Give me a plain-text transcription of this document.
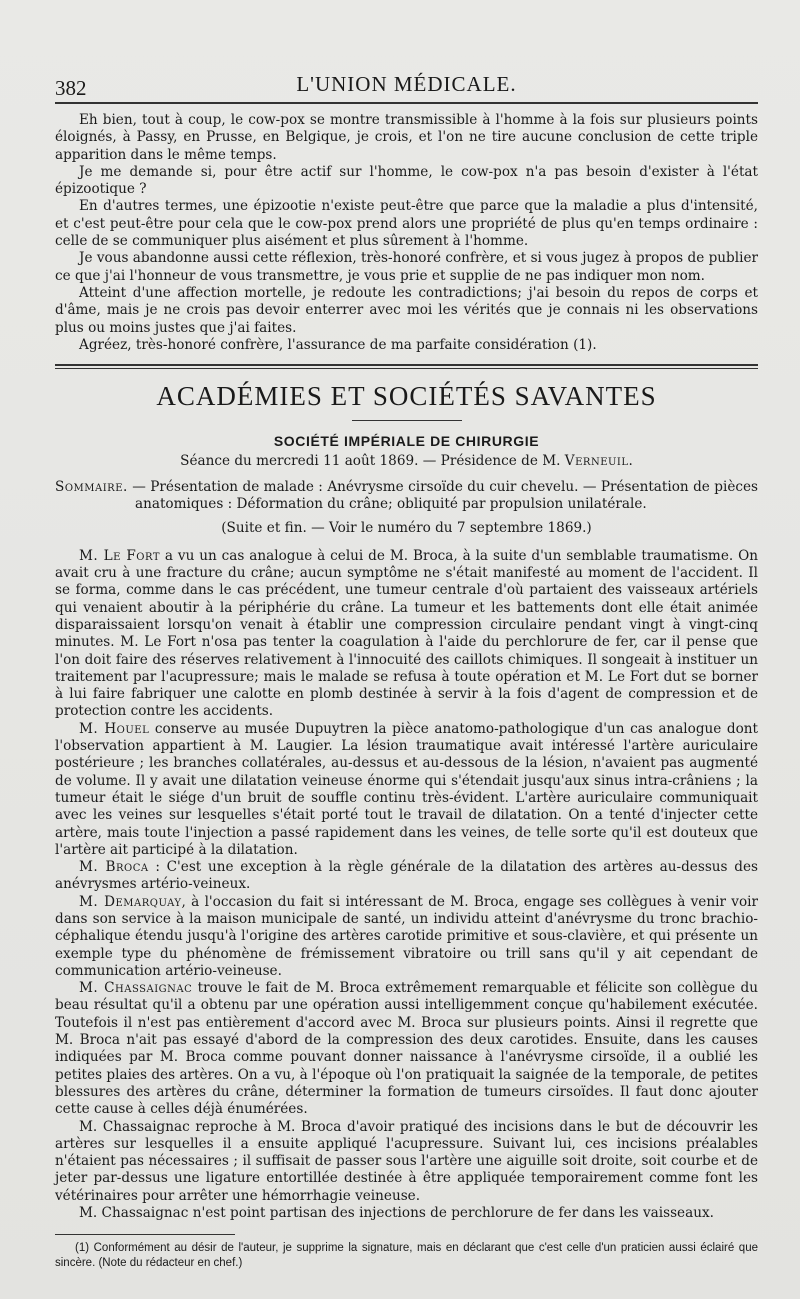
382	L'UNION MÉDICALE.

Eh bien, tout à coup, le cow-pox se montre transmissible à l'homme à la fois sur plusieurs points éloignés, à Passy, en Prusse, en Belgique, je crois, et l'on ne tire aucune conclusion de cette triple apparition dans le même temps.

Je me demande si, pour être actif sur l'homme, le cow-pox n'a pas besoin d'exister à l'état épizootique ?

En d'autres termes, une épizootie n'existe peut-être que parce que la maladie a plus d'intensité, et c'est peut-être pour cela que le cow-pox prend alors une propriété de plus qu'en temps ordinaire : celle de se communiquer plus aisément et plus sûrement à l'homme.

Je vous abandonne aussi cette réflexion, très-honoré confrère, et si vous jugez à propos de publier ce que j'ai l'honneur de vous transmettre, je vous prie et supplie de ne pas indiquer mon nom.

Atteint d'une affection mortelle, je redoute les contradictions; j'ai besoin du repos de corps et d'âme, mais je ne crois pas devoir enterrer avec moi les vérités que je connais ni les observations plus ou moins justes que j'ai faites.

Agréez, très-honoré confrère, l'assurance de ma parfaite considération (1).

ACADÉMIES ET SOCIÉTÉS SAVANTES
SOCIÉTÉ IMPÉRIALE DE CHIRURGIE
Séance du mercredi 11 août 1869. — Présidence de M. Verneuil.
Sommaire. — Présentation de malade : Anévrysme cirsoïde du cuir chevelu. — Présentation de pièces anatomiques : Déformation du crâne; obliquité par propulsion unilatérale.
(Suite et fin. — Voir le numéro du 7 septembre 1869.)

M. Le Fort a vu un cas analogue à celui de M. Broca, à la suite d'un semblable traumatisme. On avait cru à une fracture du crâne; aucun symptôme ne s'était manifesté au moment de l'accident. Il se forma, comme dans le cas précédent, une tumeur centrale d'où partaient des vaisseaux artériels qui venaient aboutir à la périphérie du crâne. La tumeur et les battements dont elle était animée disparaissaient lorsqu'on venait à établir une compression circulaire pendant vingt à vingt-cinq minutes. M. Le Fort n'osa pas tenter la coagulation à l'aide du perchlorure de fer, car il pense que l'on doit faire des réserves relativement à l'innocuité des caillots chimiques. Il songeait à instituer un traitement par l'acupressure; mais le malade se refusa à toute opération et M. Le Fort dut se borner à lui faire fabriquer une calotte en plomb destinée à servir à la fois d'agent de compression et de protection contre les accidents.

M. Houel conserve au musée Dupuytren la pièce anatomo-pathologique d'un cas analogue dont l'observation appartient à M. Laugier. La lésion traumatique avait intéressé l'artère auriculaire postérieure ; les branches collatérales, au-dessus et au-dessous de la lésion, n'avaient pas augmenté de volume. Il y avait une dilatation veineuse énorme qui s'étendait jusqu'aux sinus intra-crâniens ; la tumeur était le siége d'un bruit de souffle continu très-évident. L'artère auriculaire communiquait avec les veines sur lesquelles s'était porté tout le travail de dilatation. On a tenté d'injecter cette artère, mais toute l'injection a passé rapidement dans les veines, de telle sorte qu'il est douteux que l'artère ait participé à la dilatation.

M. Broca : C'est une exception à la règle générale de la dilatation des artères au-dessus des anévrysmes artério-veineux.

M. Demarquay, à l'occasion du fait si intéressant de M. Broca, engage ses collègues à venir voir dans son service à la maison municipale de santé, un individu atteint d'anévrysme du tronc brachio-céphalique étendu jusqu'à l'origine des artères carotide primitive et sous-clavière, et qui présente un exemple type du phénomène de frémissement vibratoire ou trill sans qu'il y ait cependant de communication artério-veineuse.

M. Chassaignac trouve le fait de M. Broca extrêmement remarquable et félicite son collègue du beau résultat qu'il a obtenu par une opération aussi intelligemment conçue qu'habilement exécutée. Toutefois il n'est pas entièrement d'accord avec M. Broca sur plusieurs points. Ainsi il regrette que M. Broca n'ait pas essayé d'abord de la compression des deux carotides. Ensuite, dans les causes indiquées par M. Broca comme pouvant donner naissance à l'anévrysme cirsoïde, il a oublié les petites plaies des artères. On a vu, à l'époque où l'on pratiquait la saignée de la temporale, de petites blessures des artères du crâne, déterminer la formation de tumeurs cirsoïdes. Il faut donc ajouter cette cause à celles déjà énumérées.

M. Chassaignac reproche à M. Broca d'avoir pratiqué des incisions dans le but de découvrir les artères sur lesquelles il a ensuite appliqué l'acupressure. Suivant lui, ces incisions préalables n'étaient pas nécessaires ; il suffisait de passer sous l'artère une aiguille soit droite, soit courbe et de jeter par-dessus une ligature entortillée destinée à être appliquée temporairement comme font les vétérinaires pour arrêter une hémorrhagie veineuse.

M. Chassaignac n'est point partisan des injections de perchlorure de fer dans les vaisseaux.

(1) Conformément au désir de l'auteur, je supprime la signature, mais en déclarant que c'est celle d'un praticien aussi éclairé que sincère. (Note du rédacteur en chef.)
